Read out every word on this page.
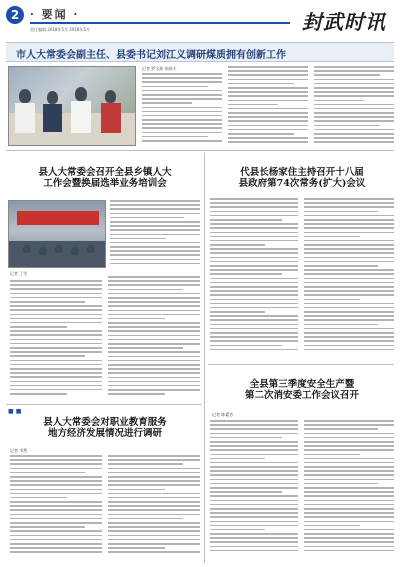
2 · 要闻 ·
责任编辑 2018年5月 2018年5月	封武时讯
市人大常委会副主任、县委书记刘江义调研煤质拥有创新工作
记者 罗宝珠 张晓丰
县人大常委会召开全县乡镇人大
工作会暨换届选举业务培训会
记者 丁雪
■ ■
县人大常委会对职业教育服务
地方经济发展情况进行调研
记者 韦然
代县长杨家住主持召开十八届
县政府第74次常务(扩大)会议
全县第三季度安全生产暨
第二次消安委工作会议召开
记者 陈素芳
